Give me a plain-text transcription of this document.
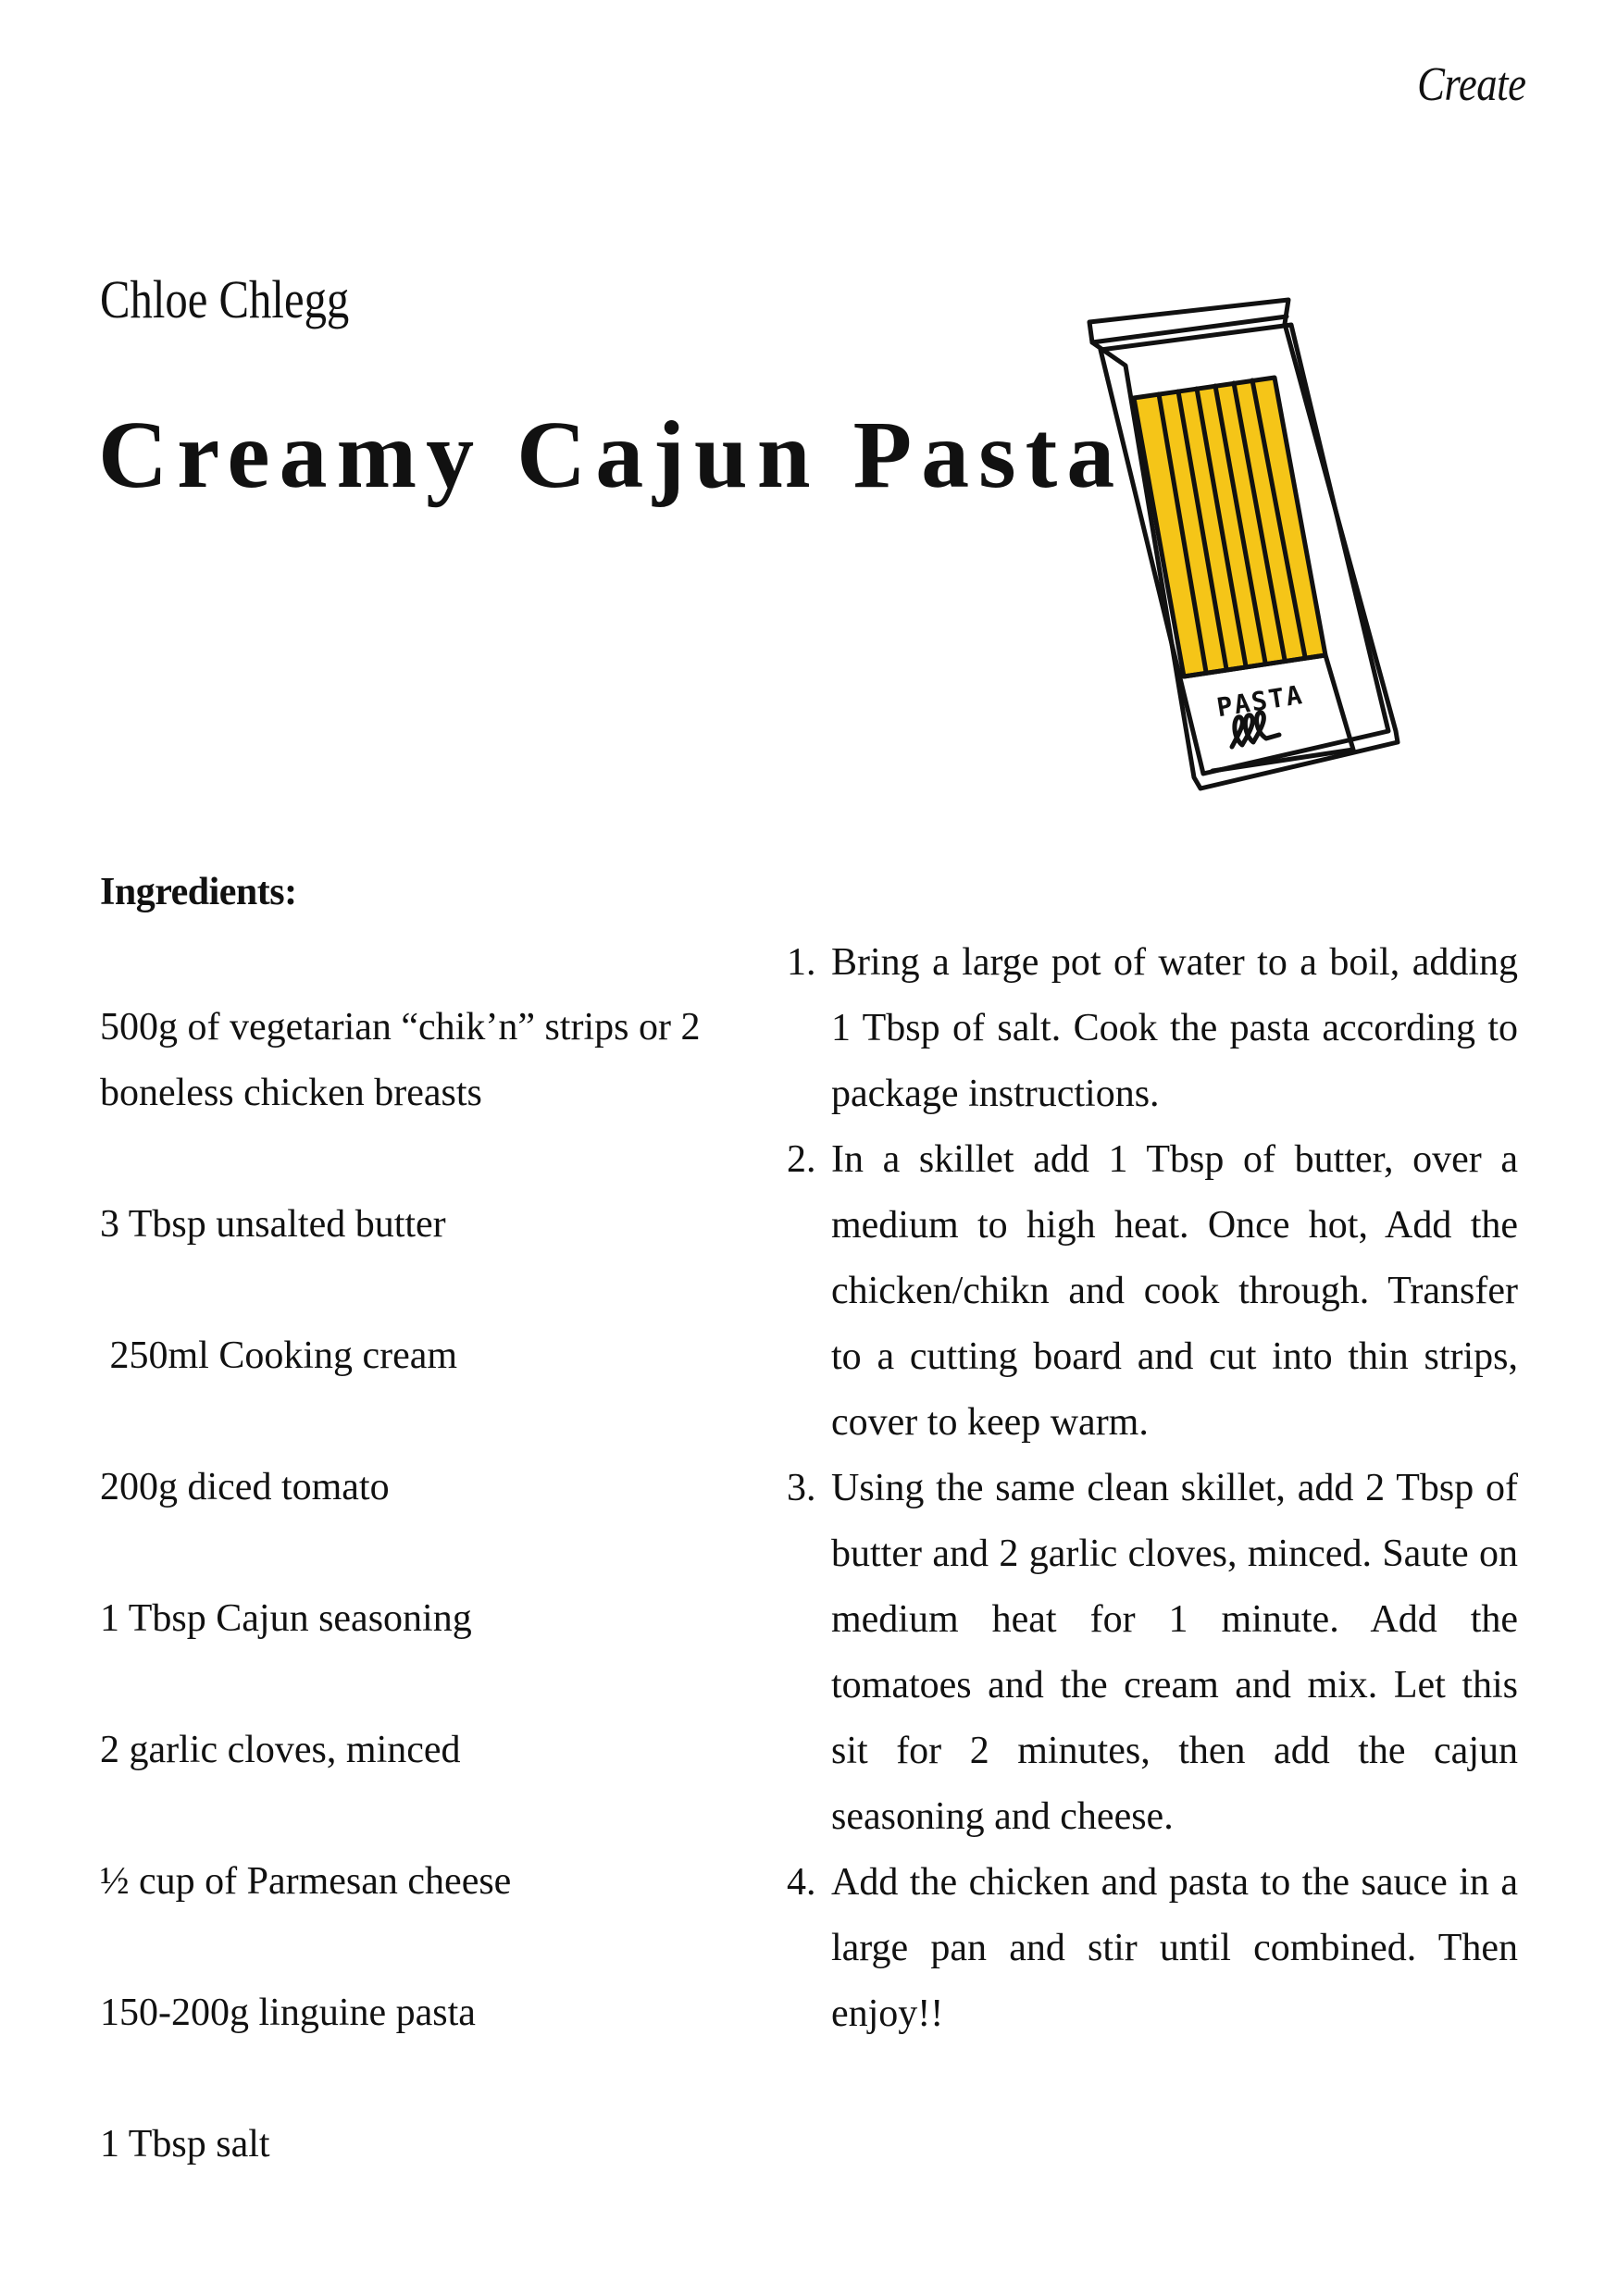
Create
Chloe Chlegg
Creamy Cajun Pasta
PASTA
Ingredients:
500g of vegetarian “chik’n” strips or 2 boneless chicken breasts
3 Tbsp unsalted butter
250ml Cooking cream
200g diced tomato
1 Tbsp Cajun seasoning
2 garlic cloves, minced
½ cup of Parmesan cheese
150-200g linguine pasta
1 Tbsp salt
1. Bring a large pot of water to a boil, adding 1 Tbsp of salt. Cook the pasta according to package instructions.
2. In a skillet add 1 Tbsp of butter, over a medium to high heat. Once hot, Add the chicken/chikn and cook through. Transfer to a cutting board and cut into thin strips, cover to keep warm.
3. Using the same clean skillet, add 2 Tbsp of butter and 2 garlic cloves, minced. Saute on medium heat for 1 minute. Add the tomatoes and the cream and mix. Let this sit for 2 minutes, then add the cajun seasoning and cheese.
4. Add the chicken and pasta to the sauce in a large pan and stir until combined. Then enjoy!!
